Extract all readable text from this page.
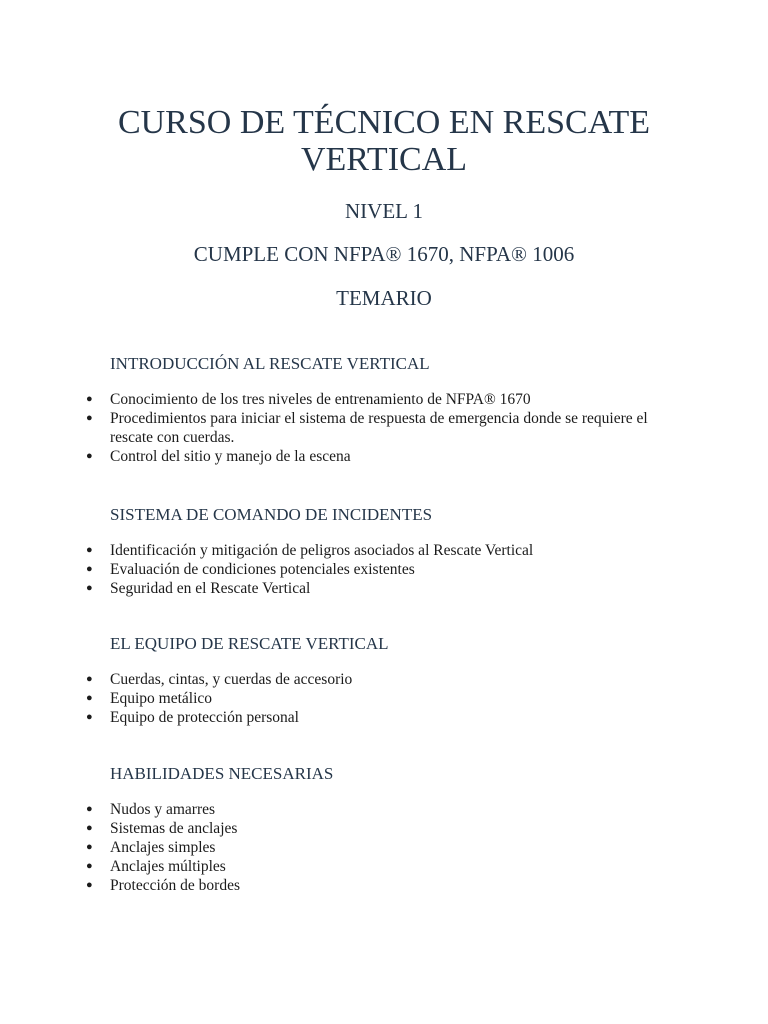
CURSO DE TÉCNICO EN RESCATE VERTICAL

NIVEL 1

CUMPLE CON NFPA® 1670, NFPA® 1006

TEMARIO

INTRODUCCIÓN AL RESCATE VERTICAL
● Conocimiento de los tres niveles de entrenamiento de NFPA® 1670
● Procedimientos para iniciar el sistema de respuesta de emergencia donde se requiere el rescate con cuerdas.
● Control del sitio y manejo de la escena
SISTEMA DE COMANDO DE INCIDENTES
● Identificación y mitigación de peligros asociados al Rescate Vertical
● Evaluación de condiciones potenciales existentes
● Seguridad en el Rescate Vertical
EL EQUIPO DE RESCATE VERTICAL
● Cuerdas, cintas, y cuerdas de accesorio
● Equipo metálico
● Equipo de protección personal
HABILIDADES NECESARIAS
● Nudos y amarres
● Sistemas de anclajes
● Anclajes simples
● Anclajes múltiples
● Protección de bordes
